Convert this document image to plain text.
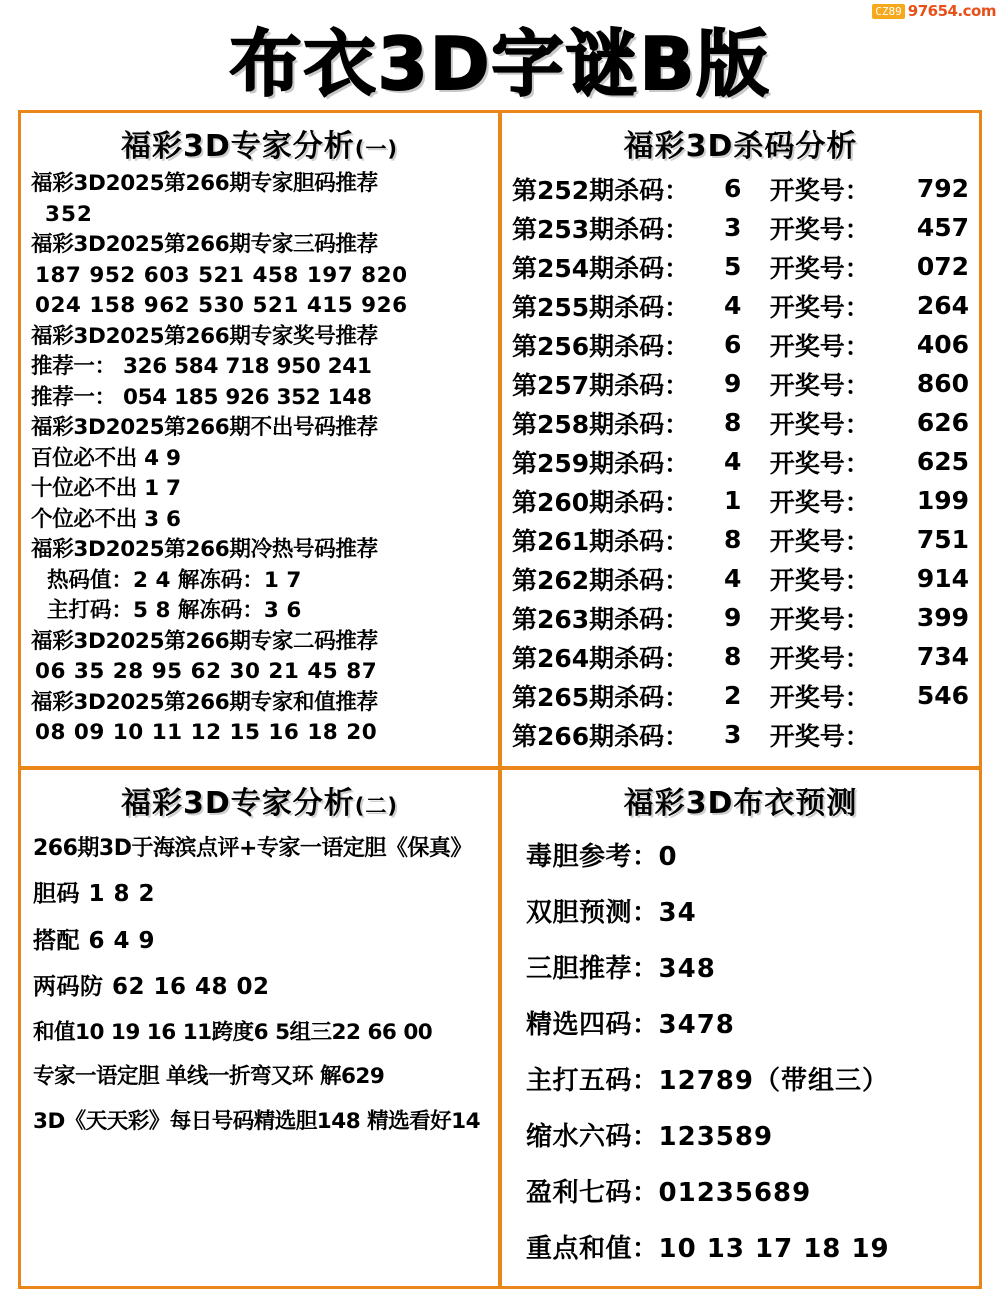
CZ89 97654.com
布衣3D字谜B版
福彩3D专家分析(一)
福彩3D2025第266期专家胆码推荐
352
福彩3D2025第266期专家三码推荐
187 952 603 521 458 197 820
024 158 962 530 521 415 926
福彩3D2025第266期专家奖号推荐
推荐一： 326 584 718 950 241
推荐一： 054 185 926 352 148
福彩3D2025第266期不出号码推荐
百位必不出 4 9
十位必不出 1 7
个位必不出 3 6
福彩3D2025第266期冷热号码推荐
热码值：2 4 解冻码：1 7
主打码：5 8 解冻码：3 6
福彩3D2025第266期专家二码推荐
06 35 28 95 62 30 21 45 87
福彩3D2025第266期专家和值推荐
08 09 10 11 12 15 16 18 20
福彩3D杀码分析
第252期杀码：	6	开奖号：	792
第253期杀码：	3	开奖号：	457
第254期杀码：	5	开奖号：	072
第255期杀码：	4	开奖号：	264
第256期杀码：	6	开奖号：	406
第257期杀码：	9	开奖号：	860
第258期杀码：	8	开奖号：	626
第259期杀码：	4	开奖号：	625
第260期杀码：	1	开奖号：	199
第261期杀码：	8	开奖号：	751
第262期杀码：	4	开奖号：	914
第263期杀码：	9	开奖号：	399
第264期杀码：	8	开奖号：	734
第265期杀码：	2	开奖号：	546
第266期杀码：	3	开奖号：	
福彩3D专家分析(二)
266期3D于海滨点评+专家一语定胆《保真》
胆码 1 8 2
搭配 6 4 9
两码防 62 16 48 02
和值10 19 16 11跨度6 5组三22 66 00
专家一语定胆 单线一折弯又环 解629
3D《天天彩》每日号码精选胆148 精选看好14
福彩3D布衣预测
毒胆参考：0
双胆预测：34
三胆推荐：348
精选四码：3478
主打五码：12789（带组三）
缩水六码：123589
盈利七码：01235689
重点和值：10 13 17 18 19
